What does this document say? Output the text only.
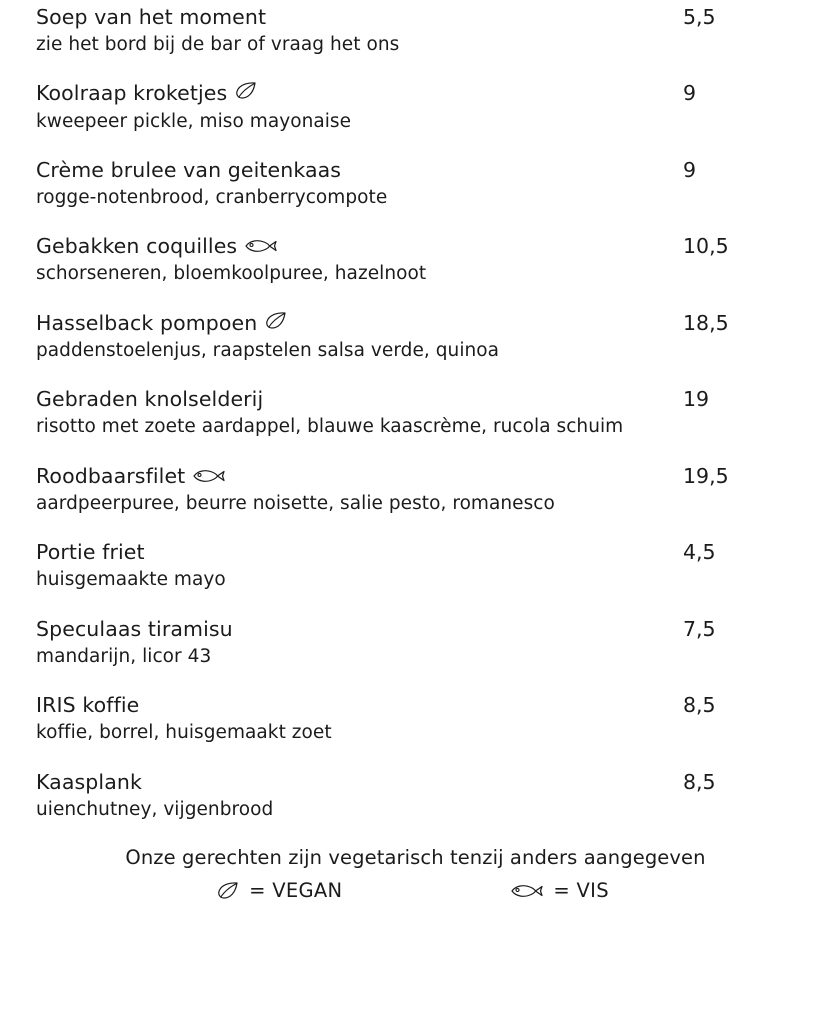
Soep van het moment
zie het bord bij de bar of vraag het ons
5,5
Koolraap kroketjes
kweepeer pickle, miso mayonaise
9
Crème brulee van geitenkaas
rogge-notenbrood, cranberrycompote
9
Gebakken coquilles
schorseneren, bloemkoolpuree, hazelnoot
10,5
Hasselback pompoen
paddenstoelenjus, raapstelen salsa verde, quinoa
18,5
Gebraden knolselderij
risotto met zoete aardappel, blauwe kaascrème, rucola schuim
19
Roodbaarsfilet
aardpeerpuree, beurre noisette, salie pesto, romanesco
19,5
Portie friet
huisgemaakte mayo
4,5
Speculaas tiramisu
mandarijn, licor 43
7,5
IRIS koffie
koffie, borrel, huisgemaakt zoet
8,5
Kaasplank
uienchutney, vijgenbrood
8,5
Onze gerechten zijn vegetarisch tenzij anders aangegeven
= VEGAN	= VIS
